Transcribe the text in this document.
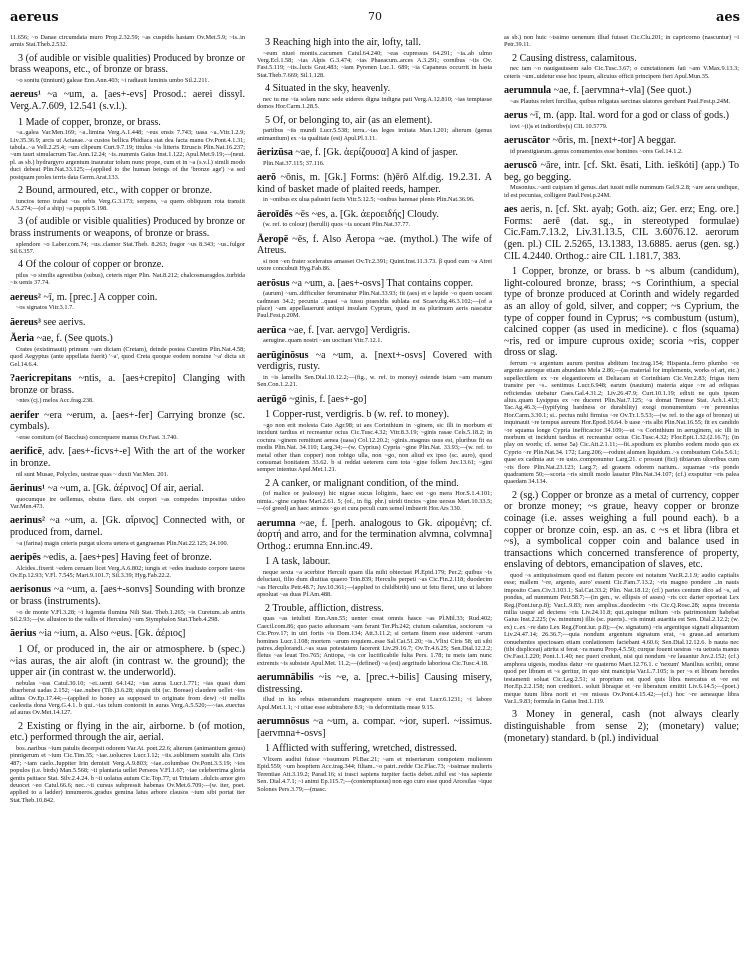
aereus	70	aes

11.656; ~o Danae circumdata muro Prop.2.32.59; ~as cuspidis hastam Ov.Met.5.9; ~is..in armis Stat.Theb.2.532.

3 (of audible or visible qualities) Produced by bronze or brass weapons, etc., of bronze or brass.

~o sonitu (tinniunt) galeae Enn.Ann.403; ~i radiauit luminis umbo Sil.2.211.

aereus¹ ~a ~um, a. [aes+-evs] Prosod.: aerei dissyl. Verg.A.7.609, 12.541 (s.v.l.).

1 Made of copper, bronze, or brass.

~a..galea Var.Men.169; ~a..limina Verg.A.1.448; ~eus ensis 7.743; uasa ~a..Vitr.1.2.9; Liv.35.36.9; arcis ut Actaeae..~a custos bellica Phidiaca stat dea facta manu Ov.Pont.4.1.31; tabula..~a Vell.2.25.4; ~um clipeum Curt.9.7.19; titulus ~is litteris Etruscis Plin.Nat.16.237; ~um tauri simulacrum Tac.Ann.12.24; ~is..nummis Gaius Inst.1.122; Apul.Met.9.19;—(neut. pl. as sb.) hydrargyro argentum inauratur tolum nunc prope, cum et in ~a (s.v.l.) simili modo duci debeat Plin.Nat.33.125;—(applied to the human beings of the 'bronze age') ~a sed postquam proles terris data Germ.Arat.133.

2 Bound, armoured, etc., with copper or bronze.

iunctos temo trahat ~us orbis Verg.G.3.173; serpens, ~a quem obliquum rota transiit A.5.274;—(of a ship) ~a puppis 5.198.

3 (of audible or visible qualities) Produced by bronze or brass instruments or weapons, of bronze or brass.

splendore ~o Laber.com.74; ~us..clamor Stat.Theb. 8.263; fragor ~us 8.343; ~us..fulgor Sil.6.357.

4 Of the colour of copper or bronze.

pilus ~o similis agrestibus (subus), ceteris niger Plin. Nat.8.212; chalcosmaragdos..turbida ~is uenis 37.74.

aereus² ~ī, m. [prec.] A copper coin.

~os signatos Vitr.3.1.7.

āereus³ see aerivs.

Āeria ~ae, f. (See quots.)

Crates (existimauit) primum ~am dictam (Cretam), deinde postea Curetim Plin.Nat.4.58; quod Aegyptus (ante appellata fuerit) '~a', quod Creta quoque eodem nomine '~a' dicta sit Gel.14.6.4.

?aericrepitans ~ntis, a. [aes+crepito] Clanging with bronze or brass.

~ntes (cj.) melos Acc.frag.238.

aerifer ~era ~erum, a. [aes+-fer] Carrying bronze (sc. cymbals).

~erae comitum (of Bacchus) concrepuere manus Ov.Fast. 3.740.

aerificē, adv. [aes+-ficvs+-e] With the art of the worker in bronze.

nil sunt Musae, Polycles, uestrae quas ~ duxti Var.Men. 201.

āerinus¹ ~a ~um, a. [Gk. ἀέρινος] Of air, aerial.

quocumque ire uellemus, obuius flare. ubi corpori ~as compedes impositas uideo Var.Men.473.

aerinus² ~a ~um, a. [Gk. αἴρινος] Connected with, or produced from, darnel.

~a (farina) magis ceteris purgat ulcera uetera et gangraenas Plin.Nat.22.125; 24.100.

aeripēs ~edis, a. [aes+pes] Having feet of bronze.

Alcides..fixerit ~edem ceruam licet Verg.A.6.802; iungis et ~edes inadusto corpore tauros Ov.Ep.12.93; V.Fl. 7.545; Mart.9.101.7; Sil.3.39; Hyg.Fab.22.2.

aerisonus ~a ~um, a. [aes+-sonvs] Sounding with bronze or brass (instruments).

~o de monte V.Fl.3.28; ~i lugentia flumina Nili Stat. Theb.1.265; ~is Curetum..ab antris Sil.2.93;—(w. allusion to the vallis of Hercules) ~um Stymphalon Stat.Theb.4.298.

āerius ~ia ~ium, a. Also ~eus. [Gk. ἀέριος]

1 Of, or produced in, the air or atmosphere. b (spec.) ~ias auras, the air aloft (in contrast w. the ground); the upper air (in contrast w. the underworld).

nebulas ~eas Catul.30.10; ~ei..uenti 64.142; ~ias auras Lucr.1.771; ~ias quasi dum diuerberat uadas 2.152; ~iae..nubes (Tib.)3.6.28; siquis tibi (sc. Boreae) claudere uellet ~ios aditus Ov.Ep.17.44;—(applied to honey as supposed to originate from dew) ~ii mellis caelestia dona Verg.G.4.1. b qui..~ias telum contorsit in auras Verg.A.5.520;—~ias..euectus ad auras Ov.Met.14.127.

2 Existing or flying in the air, airborne. b (of motion, etc.) performed through the air, aerial.

bos..naribus ~ium patulis decerpsit odorem Var.At. poet.22.6; alterum (animantium genus) pinnigerum et ~ium Cic.Tim.35; ~iae..uolucres Lucr.1.12; ~iis..sublimem sustulit alis Ciris 487; ~iam caelo..Iuppiter Irin demisit Verg.A.9.803; ~iae..columbae Ov.Pont.3.3.19; ~ios populos (i.e. birds) Man.5.568; ~ii plantaria uellet Perseos V.Fl.1.67; ~iae celeberrima gloria gentis psittace Stat. Silv.2.4.24. b ~ii uolatus auium Cic.Top.77; ut Triuiam ..dulcis amor giro deuocet ~eo Catul.66.6; nec..~ii cursus subpressit habenas Ov.Met.6.709;—(w. iter, poet. applied to a ladder) innumeros..gradus gemina latus arbore clausos ~ium sibi portat iter Stat.Theb.10.842.

3 Reaching high into the air, lofty, tall.

~eum niuei montis..cacumen Catul.64.240; ~eas cupressus 64.291; ~ia..ab ulmo Verg.Ecl.1.58; ~ias Alpis G.3.474; ~ias Phaeacum..arces A.3.291; cornibus ~iis Ov. Fast.5.119; ~iis..lucis Grat.483; ~iam Pyrenen Luc.1. 689; ~ia Capaneus occurrit in hasta Stat.Theb.7.669; Sil.1.128.

4 Situated in the sky, heavenly.

nec tu me ~ia solam nunc sede uideres digna indigna pati Verg.A.12.810; ~ias temptasse domos Hor.Carm.1.28.5.

5 Of, or belonging to, air (as an element).

partibus ~iis mundi Lucr.5.538; terra..~ias leges imitata Man.1.201; alterum (genus animantium) ex ~ia qualitate (est) Apul.Pl.1.11.

āerizūsa ~ae, f. [Gk. ἀερίζουσα] A kind of jasper.

Plin.Nat.37.115; 37.116.

aerō ~ōnis, m. [Gk.] Forms: (h)ērō Alf.dig. 19.2.31. A kind of basket made of plaited reeds, hamper.

in ~onibus ex ulua palustri factis Vitr.5.12.5; ~onibus harenae plenis Plin.Nat.36.96.

āeroīdēs ~ēs ~es, a. [Gk. ἀεροειδής] Cloudy.

(w. ref. to colour) (berulli) quos ~is uocant Plin.Nat.37.77.

Āeropē ~ēs, f. Also Āeropa ~ae. (mythol.) The wife of Atreus.

si non ~en frater sceleratus amasset Ov.Tr.2.391; Quint.Inst.11.3.73. β quod cum ~a Atrei uxore concubuit Hyg.Fab.86.

aerōsus ~a ~um, a. [aes+-osvs] That contains copper.

(aurum) ~um..difficulter feruminatur Plin.Nat.33.93; fit (aes) et e lapide ~o quem uocant cadmean 34.2; pecunia ..quasi ~a iussu praesidis sublata est Scaev.dig.46.3.102;—(of a place) ~am appellauerunt antiqui insulam Cyprum, quod in ea plurimum aeris nascatur Paul.Fest.p.20M.

aerūca ~ae, f. [var. aervgo] Verdigris.

aerugine..quam nostri ~am uocitant Vitr.7.12.1.

aerūginōsus ~a ~um, a. [next+-osvs] Covered with verdigris, rusty.

in ~is lamellis Sen.Dial.10.12.2;—(fig., w. ref. to money) ostende istam ~am manum Sen.Con.1.2.21.

aerūgō ~ginis, f. [aes+-go]

1 Copper-rust, verdigris. b (w. ref. to money).

~go non erit molesta Cato Agr.98; ut aes Corinthium in ~ginem, sic illi in morbum et incidunt tardius et recreantur ocius Cic.Tusc.4.32; Vitr.8.3.19; ~ginis rasae Cels.5.18.2; in coctura ~ginem remittunt aenea (uasa) Col.12.20.2; ~ginis..magnus usus est, pluribus fit ea modis Plin.Nat. 34.110; Larg.34;—(w. Cyprius) Cypria ~gine Plin.Nat. 33.93;—(w. ref. to metal other than copper) non robigo ulla, non ~go, non aliud ex ipso (sc. auro), quod consumat bonitatem 33.62. b si reddat ueterem cum tota ~gine follem Juv.13.61; ~gini semper intentus Apul.Met.1.21.

2 A canker, or malignant condition, of the mind.

(of malice or jealousy) hic nigrae sucus loliginis, haec est ~go mera Hor.S.1.4.101; nimia..~gine captus Mart.2.61. 5; (of., in fig. phr.) uiridi tinctos ~gine uersus Mart.10.33.5;—(of greed) an haec animos ~go et cura peculi cum semel imbuerit Hor.Ars 330.

aerumna ~ae, f. [perh. analogous to Gk. αἰρομένη; cf. ἀορτή and arro, and for the termination alvmna, colvmna] Orthog.: erumna Enn.inc.49.

1 A task, labour.

neque sexta ~a acerbior Herculi quam illa mihi obiectast Pl.Epid.179; Per.2; quibus ~is deluctaui, filio dum diuitias quaero Trin.839; Herculis perpeti ~as Cic.Fin.2.118; duodecim ~as Herculis Petr.48.7; Juv.10.361;—(applied to childbirth) uno ut fetu fieret, uno ut labore apsoluat ~as duas Pl.Am.488.

2 Trouble, affliction, distress.

quas ~as tetulisti Enn.Ann.55; uenter creat omnis hasce ~as Pl.Mil.33; Rud.402; Caecil.com.86; quo pacto aduorsam ~am ferant Ter.Ph.242; ciuium calamitas, sociorum ~a Cic.Prov.17; in uiri fortis ~is Dom.134; Att.3.11.2; si certam finem esse uiderent ~arum homines Lucr.1.108; mortem ~arum requiem..esse Sal.Cat.51.20; ~is..Vlixi Ciris 58; uti sibi patres..deplorandi..~as suas potestatem facerent Liv.29.16.7; Ov.Tr.4.6.25; Sen.Dial.12.2.2; fletus ~as leuat Tro.765; Antiopa, ~is cor luctificabile fulta Pers. 1.78; tu meis iam nunc extremis ~is subsiste Apul.Met. 11.2;—(defined) ~a (est) aegritudo laboriosa Cic.Tusc.4.18.

aerumnābilis ~is ~e, a. [prec.+-bilis] Causing misery, distressing.

illud in his rebus miserandum magnopere unum ~e erat Lucr.6.1231; ~i labore Apul.Met.1.1; ~i uitae esse subtrahere 8.9; ~is deformitatis meae 9.15.

aerumnōsus ~a ~um, a. compar. ~ior, superl. ~issimus. [aervmna+-osvs]

1 Afflicted with suffering, wretched, distressed.

Vlixem audiui fuisse ~issumum Pl.Bac.21; ~am et miseriarum compotem mulierem Epid.559; ~um hospitem Acc.trag.344; filiam..~o patri..redde Cic.Flac.73; ~issimae mulieris Terentiae Att.3.19.2; Parad.16; si irasci sapiens turpiter factis debet..nihil est ~ius sapiente Sen. Dial.4.7.1; ~i animi Ep.115.7;—(contemptuous) non ego curo esse quod Arcesilas ~ique Solones Pers.3.79;—(masc.

as sb.) non huic ~issimo uenenum illud fuisset Cic.Clu.201; in capricorno (nascuntur) ~i Petr.39.11.

2 Causing distress, calamitous.

nec tam ~o nauigauissem salo Cic.Tusc.3.67; o cunctationem fati ~am V.Max.9.13.3; ceteris ~um..uidetur esse hoc ipsum, alicuius officii principem fieri Apul.Mun.35.

aerumnula ~ae, f. [aervmna+-vla] (See quot.)

~as Plautus refert furcillas, quibus religatas sarcinas ulatores gerebant Paul.Fest.p.24M.

aerus ~ī, m. (app. Ital. word for a god or class of gods.)

iovi ~(i)s et indiortibv(s) CIL 10.5779.

aeruscātor ~ōris, m. [next+-tor] A beggar.

id praestigiarum..genus comumentos esse homines ~ores Gel.14.1.2.

aeruscō ~āre, intr. [cf. Skt. ēsati, Lith. ieškóti] (app.) To beg, go begging.

Musonius..~anti cuipiam id genus..dari iussit mille nummum Gel.9.2.8; ~are aera undique, id est pecunias, colligere Paul.Fest.p.24M.

aes aeris, n. [cf. Skt. ayaḥ; Goth. aiz; Ger. erz; Eng. ore.] Forms: aerē (dat. sg., in stereotyped formulae) Cic.Fam.7.13.2, Liv.31.13.5, CIL 3.6076.12. aerorum (gen. pl.) CIL 2.5265, 13.1383, 13.6885. aerus (gen. sg.) CIL 4.2440. Orthog.: aire CIL 1.181.7, 383.

1 Copper, bronze, or brass. b ~s album (candidum), light-coloured bronze, brass; ~s Corinthium, a special type of bronze produced at Corinth and widely regarded as an alloy of gold, silver, and copper; ~s Cyprium, the type of copper found in Cyprus; ~s combustum (ustum), calcined copper (as used in medicine). c flos (squama) ~ris, red or impure cuprous oxide; scoria ~ris, copper dross or slag.

ferrum ~s argentum aurum penitus abditum Inc.trag.154; Hispania..ferro plumbo ~re argento auroque etiam abundans Mela 2.86;—(as material for implements, works of art, etc.) supellectilem ex ~re elegantiorem et Deliacam et Corinthiam Cic.Ver.2.83; frigus item transire per ~s.. sentimus Lucr.6.948; earum (nauium) materia atque ~re ad reliquas reficiendas utebatur Caes.Gal.4.31.2; Liv.26.47.9; Curt.10.1.19; edixit ne quis ipsum alius..quam Lysippus ex ~re duceret Plin.Nat.7.125; ~a domat Temese Stat. Ach.1.413; Tac.Ag.46.3;—(typifying hardness or durability) exegi monumentum ~re perennius Hor.Carm.3.30.1; si.. pectus mihi firmius ~re Ov.Tr.1.5.53;—(w. ref. to the age of bronze) ut inquinauit ~re tempus aureum Hor.Epod.16.64. b uase ~ris albi Plin.Nat.16.55; fit ex candido ~re squama longe Cypria inefficacior 34.109;—ut ~s Corinthium in aeruginem, sic illi in morbum et incidunt tardius et recreantur ocius Cic.Tusc.4.32; Flor.Epit.1.32.(2.16.7); (in play on words; cf. sense 5a) Cic.Att.2.1.11;—fit..spodium ex plumbo eodem modo quo ex Cyprio ~re Plin.Nat.34. 172; Larg.206;—rodunt alumen liquidum..~s combustum Cels.5.6.1; quae ex cadmia aut ~re usto..componuntur Larg.21. c prosunt (fici) tibiarum ulceribus cum ~ris flore Plin.Nat.23.123; Larg.7; ad grauem odorem narium.. squamae ~ris pondo quadrantem 50;—scoria ~ris simili modo lauatur Plin.Nat.34.107; (cf.) exspuitur ~ris palea quaedam 34.134.

2 (sg.) Copper or bronze as a metal of currency, copper or bronze money; ~s graue, heavy copper or bronze coinage (i.e. asses weighing a full pound each). b a copper or bronze coin, esp. an as. c ~s et libra (libra et ~s), a symbolical copper coin and balance used in transactions which concerned transference of property, enslaving of debtors, emancipation of slaves, etc.

quod ~s antiquissimum quod est flatum pecore est notatum Var.R.2.1.9; audio capitalis esse; mallem '~re, argento, auro' essent Cic.Fam.7.13.2; ~ris magno pondere ..in nauis imposito Caes.Civ.3.103.1; Sal.Cat.33.2; Plin. Nat.18.12; (cf.) partes centum dico ad ~s, ad pondus, ad nummum Petr.58.7;—(in gen., w. ellipsis of asses) ~ris ccc darier oporteat Lex Reg.(Font.iur.p.8); Var.L.9.83; non amplius..duodecim ~ris Cic.Q.Rosc.28; supra trecenta milia usque ad deciens ~ris Liv.24.11.8; qui..quinque milium ~ris patrimonium habebat Gaius Inst.2.225; (w. minutum) illis (sc. pueris)..~ris minuti auaritia est Sen. Dial.2.12.2; (w. ex) c..ex ~re dato Lex Reg.(Font.iur. p.8);—(w. signatum) ~ris argentique signati aliquantum Liv.24.47.14; 26.36.7;—quia nondum argentum signatum erat, ~s graue..ad aerarium conuehentes speciosam etiam conlationem faciebant 4.60.6; Sen.Dial.12.12.6. b nauta nec (tibi displiceat) attrita si ferat ~ra manu Prop.4.5.50; curque fouent uestras ~ra uetusta manus Ov.Fast.1.220; Pont.1.1.40; nec pueri credunt, nisi qui nondum ~re lauantur Juv.2.152; (cf.) amphora uigesis, modius datur ~re quaterno Mart.12.76.1. c 'nexum' Manilius scribit, omne quod per libram et ~s geritur, in quo sint mancipia Var.L.7.105; is per ~s et libram heredes testamenti soluat Cic.Leg.2.51; si proprium est quod quis libra mercatus et ~re est Hor.Ep.2.2.158; non creditori.. soluit libraque et ~re liberatum emittit Liv.6.14.5;—(poet.) meque tuum libra norit et ~re missus Ov.Pont.4.15.42;—(cf.) hoc ~re aeneaque libra Var.L.9.83; formula in Gaius Inst.1.119.

3 Money in general, cash (not always clearly distinguishable from sense 2); (monetary) value; (monetary) standard. b (pl.) individual
